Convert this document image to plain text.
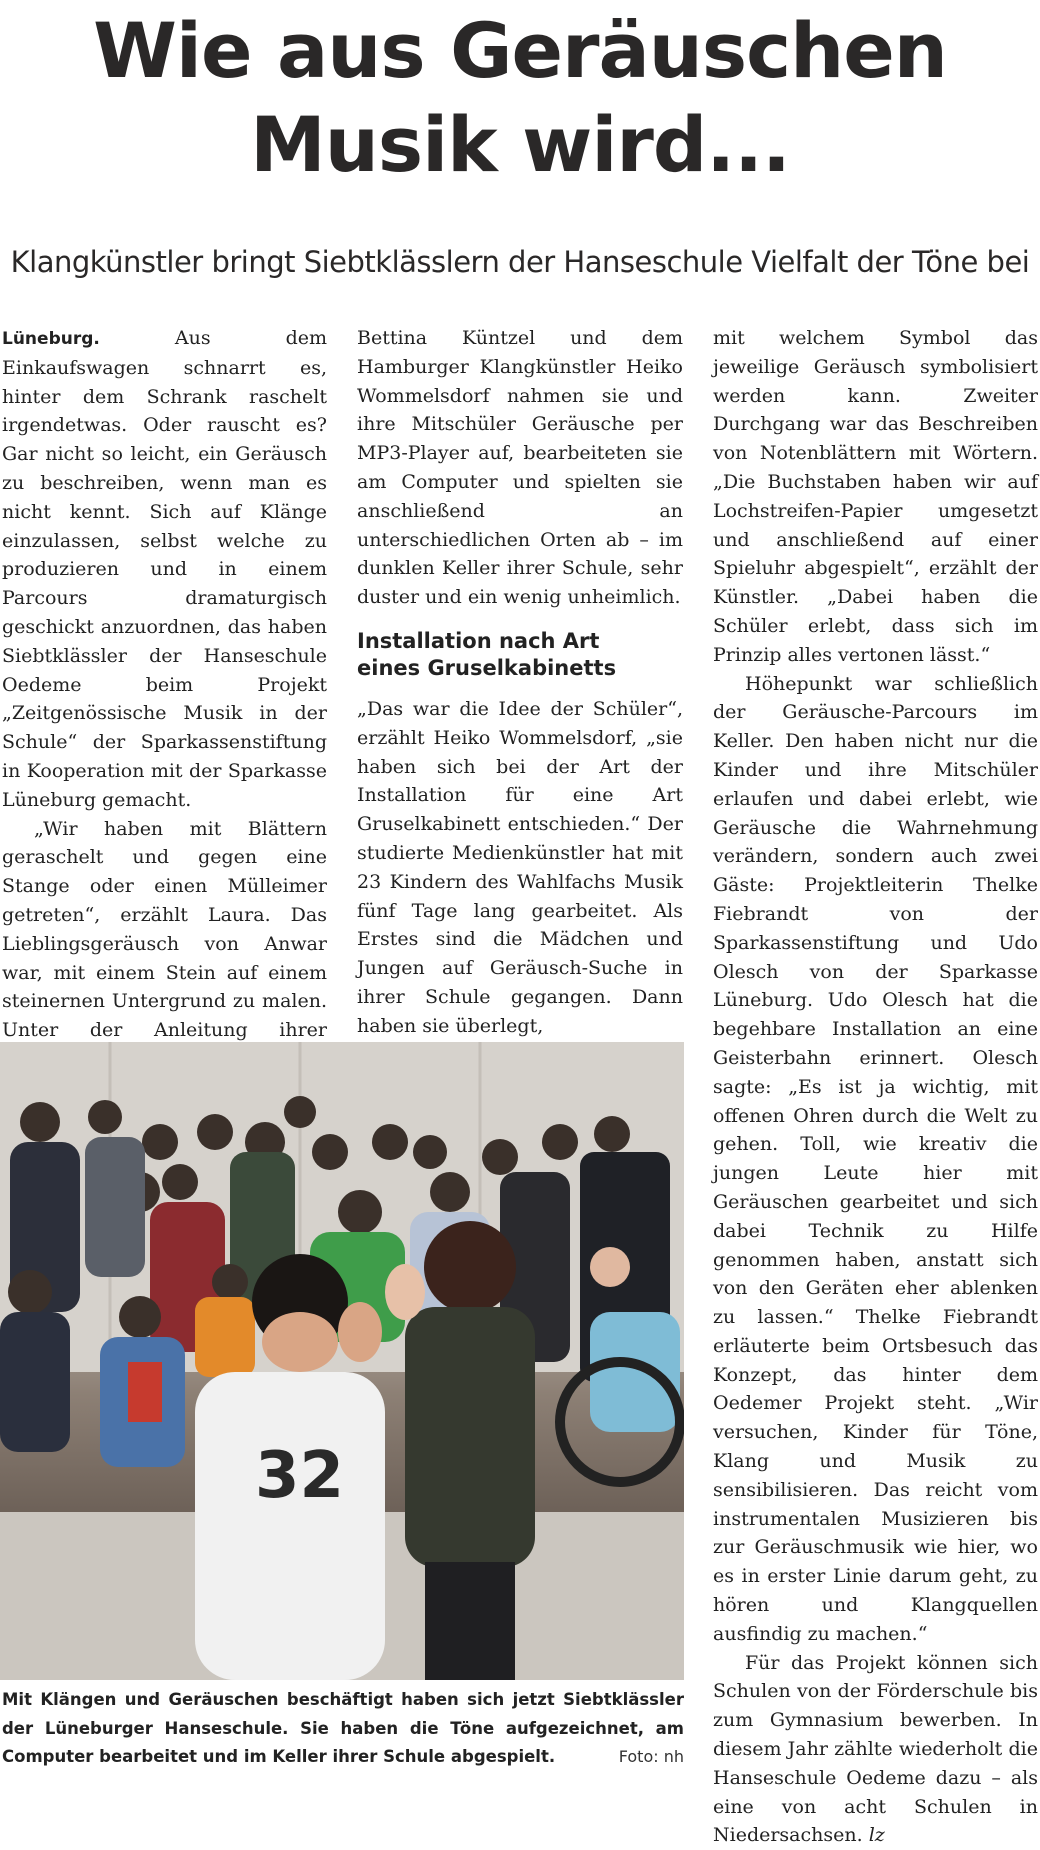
Wie aus Geräuschen
Musik wird...
Klangkünstler bringt Siebtklässlern der Hanseschule Vielfalt der Töne bei

Lüneburg.	Aus dem Einkaufswagen schnarrt es, hinter dem Schrank raschelt irgendetwas. Oder rauscht es? Gar nicht so leicht, ein Geräusch zu beschreiben, wenn man es nicht kennt. Sich auf Klänge einzulassen, selbst welche zu produzieren und in einem Parcours dramaturgisch geschickt anzuordnen, das haben Siebtklässler der Hanseschule Oedeme beim Projekt „Zeitgenössische Musik in der Schule“ der Sparkassenstiftung in Kooperation mit der Sparkasse Lüneburg gemacht.

„Wir haben mit Blättern geraschelt und gegen eine Stange oder einen Mülleimer getreten“, erzählt Laura. Das Lieblingsgeräusch von Anwar war, mit einem Stein auf einem steinernen Untergrund zu malen. Unter der Anleitung ihrer

Bettina Küntzel und dem Hamburger Klangkünstler Heiko Wommelsdorf nahmen sie und ihre Mitschüler Geräusche per MP3-Player auf, bearbeiteten sie am Computer und spielten sie anschließend an unterschiedlichen Orten ab – im dunklen Keller ihrer Schule, sehr duster und ein wenig unheimlich.

Installation nach Art
eines Gruselkabinetts

„Das war die Idee der Schüler“, erzählt Heiko Wommelsdorf, „sie haben sich bei der Art der Installation für eine Art Gruselkabinett entschieden.“ Der studierte Medienkünstler hat mit 23 Kindern des Wahlfachs Musik fünf Tage lang gearbeitet. Als Erstes sind die Mädchen und Jungen auf Geräusch-Suche in ihrer Schule gegangen. Dann haben sie überlegt,

mit welchem Symbol das jeweilige Geräusch symbolisiert werden kann. Zweiter Durchgang war das Beschreiben von Notenblättern mit Wörtern. „Die Buchstaben haben wir auf Lochstreifen-Papier umgesetzt und anschließend auf einer Spieluhr abgespielt“, erzählt der Künstler. „Dabei haben die Schüler erlebt, dass sich im Prinzip alles vertonen lässt.“

Höhepunkt war schließlich der Geräusche-Parcours im Keller. Den haben nicht nur die Kinder und ihre Mitschüler erlaufen und dabei erlebt, wie Geräusche die Wahrnehmung verändern, sondern auch zwei Gäste: Projektleiterin Thelke Fiebrandt von der Sparkassenstiftung und Udo Olesch von der Sparkasse Lüneburg. Udo Olesch hat die begehbare Installation an eine Geisterbahn erinnert. Olesch sagte: „Es ist ja wichtig, mit offenen Ohren durch die Welt zu gehen. Toll, wie kreativ die jungen Leute hier mit Geräuschen gearbeitet und sich dabei Technik zu Hilfe genommen haben, anstatt sich von den Geräten eher ablenken zu lassen.“ Thelke Fiebrandt erläuterte beim Ortsbesuch das Konzept, das hinter dem Oedemer Projekt steht. „Wir versuchen, Kinder für Töne, Klang und Musik zu sensibilisieren. Das reicht vom instrumentalen Musizieren bis zur Geräuschmusik wie hier, wo es in erster Linie darum geht, zu hören und Klangquellen ausfindig zu machen.“

Für das Projekt können sich Schulen von der Förderschule bis zum Gymnasium bewerben. In diesem Jahr zählte wiederholt die Hanseschule Oedeme dazu – als eine von acht Schulen in Niedersachsen. lz

32
Mit Klängen und Geräuschen beschäftigt haben sich jetzt Siebtklässler der Lüneburger Hanseschule. Sie haben die Töne aufgezeichnet, am Computer bearbeitet und im Keller ihrer Schule abgespielt.	Foto: nh
